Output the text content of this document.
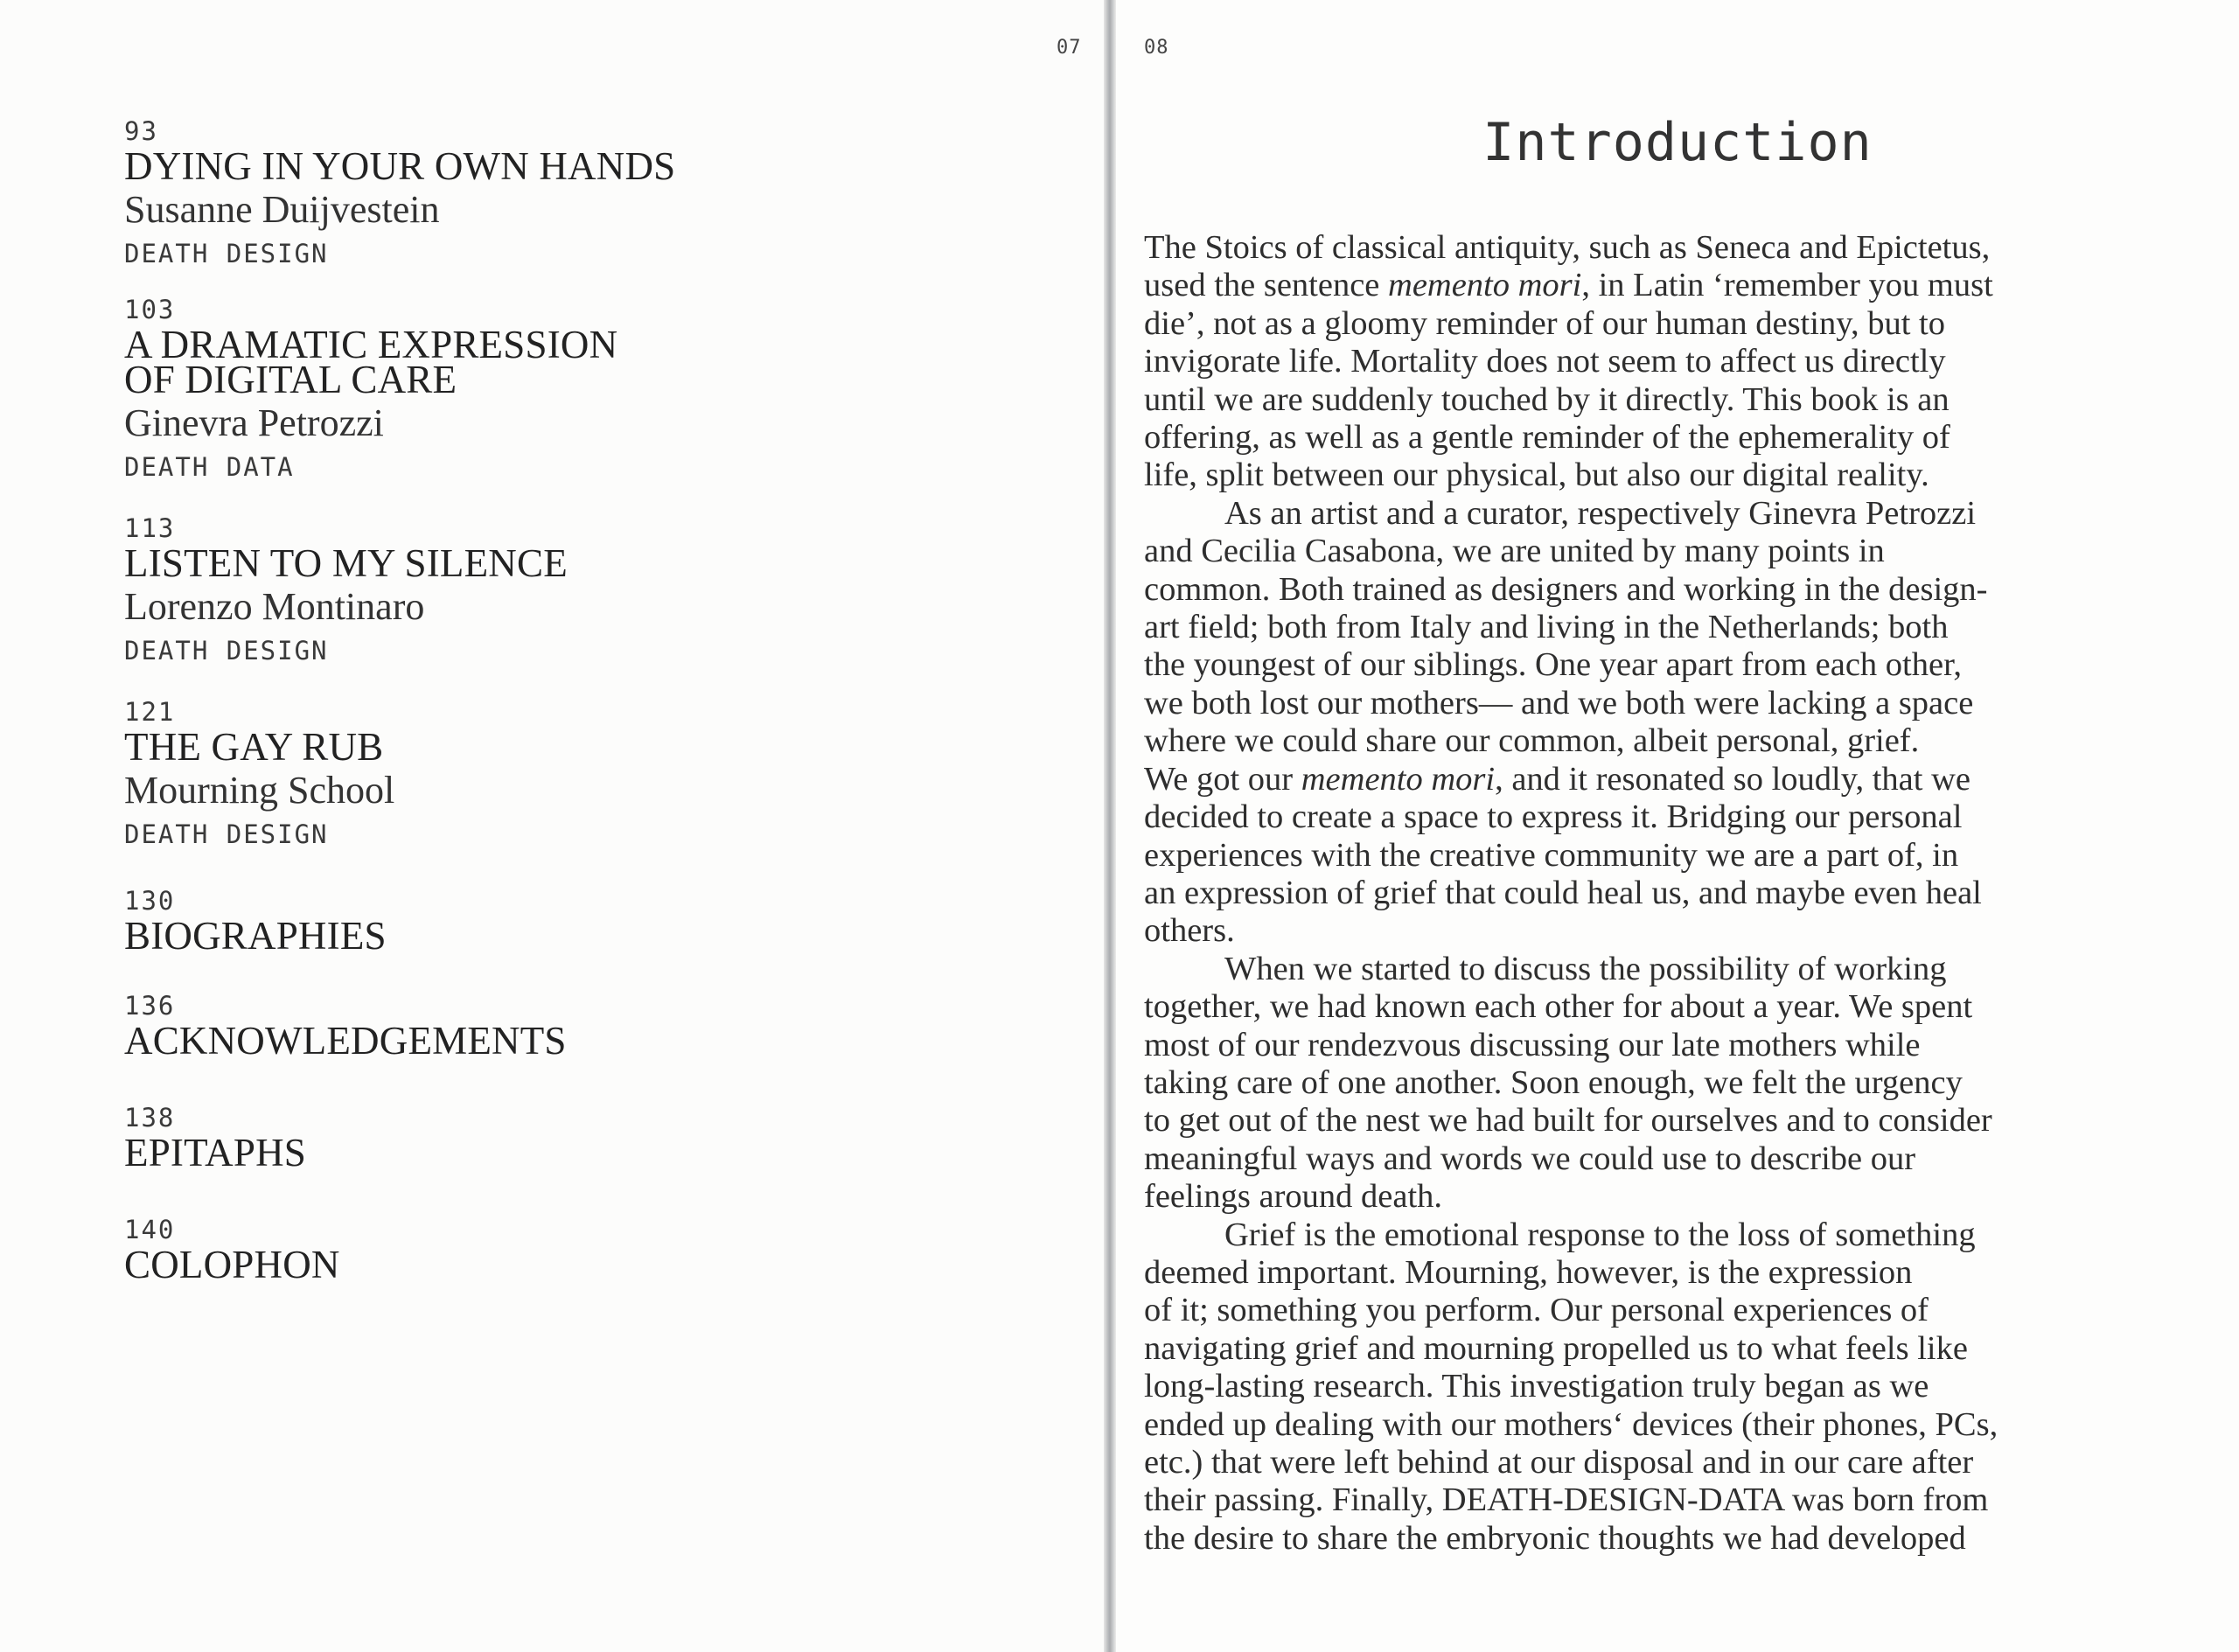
07
93
DYING IN YOUR OWN HANDS
Susanne Duijvestein
DEATH DESIGN
103
A DRAMATIC EXPRESSION
OF DIGITAL CARE
Ginevra Petrozzi
DEATH DATA
113
LISTEN TO MY SILENCE
Lorenzo Montinaro
DEATH DESIGN
121
THE GAY RUB
Mourning School
DEATH DESIGN
130
BIOGRAPHIES
136
ACKNOWLEDGEMENTS
138
EPITAPHS
140
COLOPHON
08
Introduction

The Stoics of classical antiquity, such as Seneca and Epictetus,

used the sentence memento mori, in Latin ‘remember you must

die’, not as a gloomy reminder of our human destiny, but to

invigorate life. Mortality does not seem to affect us directly

until we are suddenly touched by it directly. This book is an

offering, as well as a gentle reminder of the ephemerality of

life, split between our physical, but also our digital reality.

As an artist and a curator, respectively Ginevra Petrozzi

and Cecilia Casabona, we are united by many points in

common. Both trained as designers and working in the design-

art field; both from Italy and living in the Netherlands; both

the youngest of our siblings. One year apart from each other,

we both lost our mothers— and we both were lacking a space

where we could share our common, albeit personal, grief.

We got our memento mori, and it resonated so loudly, that we

decided to create a space to express it. Bridging our personal

experiences with the creative community we are a part of, in

an expression of grief that could heal us, and maybe even heal

others.

When we started to discuss the possibility of working

together, we had known each other for about a year. We spent

most of our rendezvous discussing our late mothers while

taking care of one another. Soon enough, we felt the urgency

to get out of the nest we had built for ourselves and to consider

meaningful ways and words we could use to describe our

feelings around death.

Grief is the emotional response to the loss of something

deemed important. Mourning, however, is the expression

of it; something you perform. Our personal experiences of

navigating grief and mourning propelled us to what feels like

long-lasting research. This investigation truly began as we

ended up dealing with our mothers‘ devices (their phones, PCs,

etc.) that were left behind at our disposal and in our care after

their passing. Finally, DEATH-DESIGN-DATA was born from

the desire to share the embryonic thoughts we had developed
